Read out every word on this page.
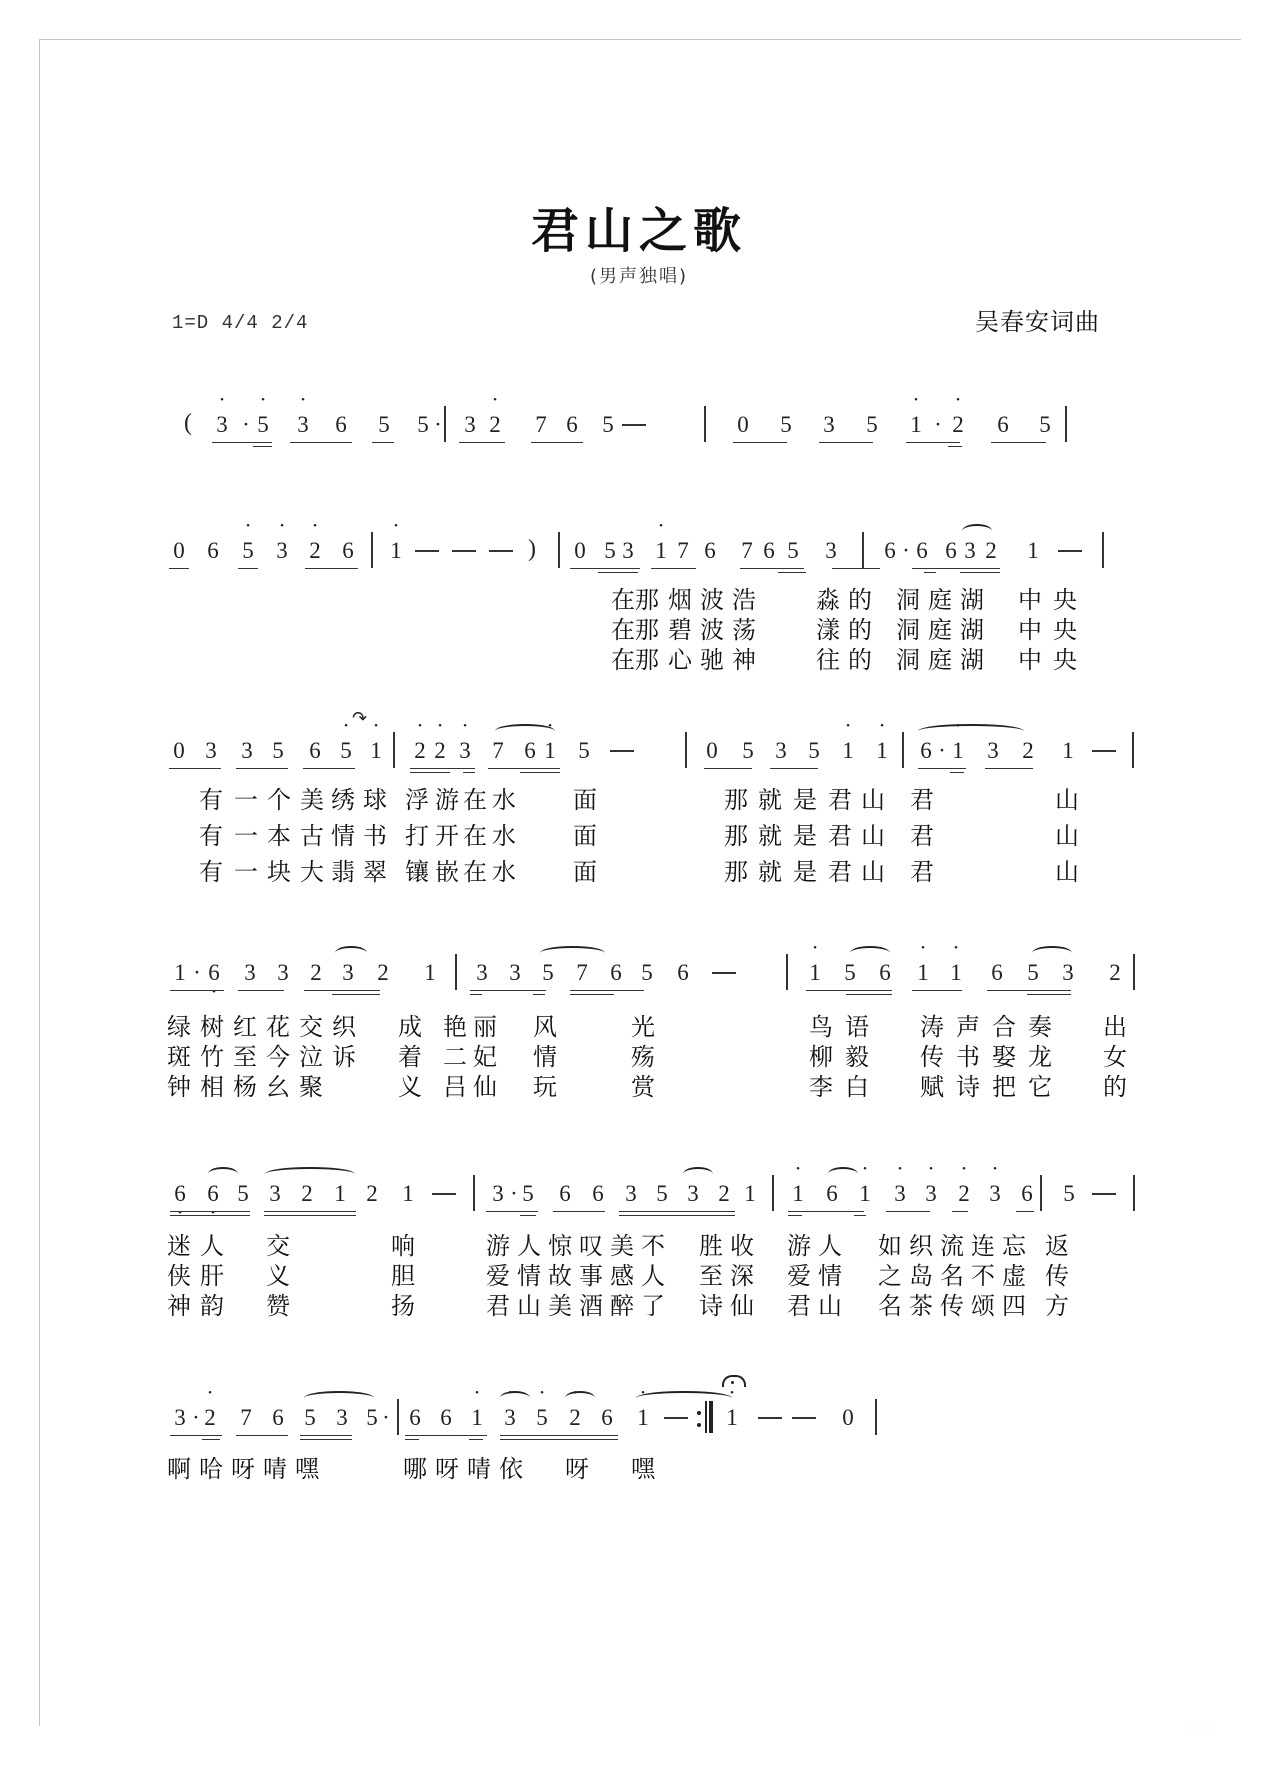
君山之歌
(男声独唱)
1=D 4/4 2/4	吴春安词曲
( • 3 · • 5 • 3 6 5 5 · 3 • 2 7 6 5	0 5 3 5 • 1 · • 2 6 5
0 6 • 5 • 3 • 2 6 • 1	) 0 5 3 • 1 7 6 7 6 5 3 6 · 6 6 3 2 1
在那 烟 波 浩	淼 的 洞 庭 湖 中 央
在那 碧 波 荡	漾 的 洞 庭 湖 中 央
在那 心 驰 神	往 的 洞 庭 湖 中 央
0 3 3 5 6 • 5 • 1
↷
• 2 • 2 • 3 7 6 • 1 5	0 5 3 5 • 1 • 1 6 · • 1 3 2 1
有 一 个 美 绣 球 浮 游 在 水 面	那 就 是 君 山 君	山
有 一 本 古 情 书 打 开 在 水 面	那 就 是 君 山 君	山
有 一 块 大 翡 翠 镶 嵌 在 水 面	那 就 是 君 山 君	山
1 · 6 • 3 3 2 3 2 1 3 3 5 7 6 5 6	• 1 5 6 • 1 • 1 6 5 3 2
绿 树 红 花 交 织 成 艳 丽 风	光	鸟 语 涛 声 合 奏 出
斑 竹 至 今 泣 诉 着 二 妃 情	殇	柳 毅 传 书 娶 龙 女
钟 相 杨 幺 聚	义 吕 仙 玩	赏	李 白 赋 诗 把 它 的
6 • 6 • 5 3 2 1 2 1	3 · 5 6 6 3 5 3 2 1 • 1 6 • 1 • 3 • 3 • 2 • 3 6 5
迷 人 交	响	游 人 惊 叹 美 不 胜 收 游 人 如 织 流 连 忘 返
侠 肝 义	胆	爱 情 故 事 感 人 至 深 爱 情 之 岛 名 不 虚 传
神 韵 赞	扬	君 山 美 酒 醉 了 诗 仙 君 山 名 茶 传 颂 四 方
3 · • 2 7 6 5 3 5 · 6 6 • 1 • 3 • 5 • 2 6 • 1	• 1	0
啊 哈 呀 啨 嘿	哪 呀 啨 依 呀 嘿
· · · · ·
